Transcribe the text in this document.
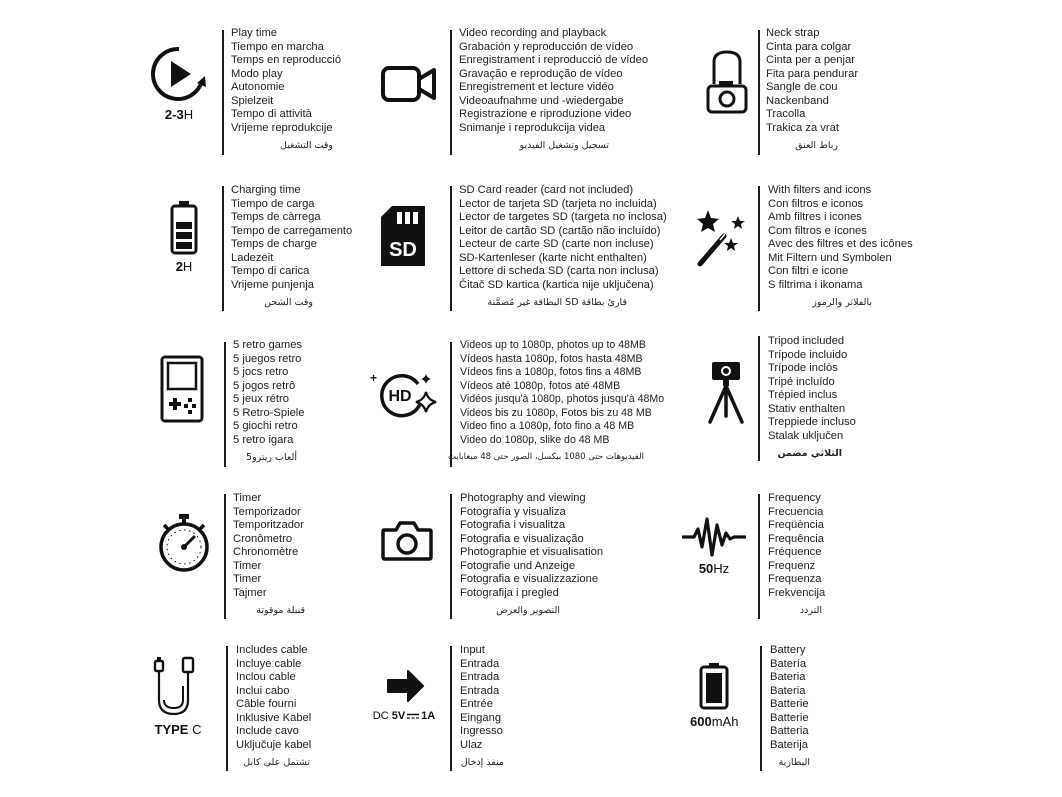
2-3H
Play time
Tiempo en marcha
Temps en reproducció
Modo play
Autonomie
Spielzeit
Tempo di attività
Vrijeme reprodukcije
وقت التشغيل
Video recording and playback
Grabación y reproducción de vídeo
Enregistrament i reproducció de vídeo
Gravação e reprodução de vídeo
Enregistrement et lecture vidéo
Videoaufnahme und -wiedergabe
Registrazione e riproduzione video
Snimanje i reprodukcija videa
تسجيل وتشغيل الفيديو
Neck strap
Cinta para colgar
Cinta per a penjar
Fita para pendurar
Sangle de cou
Nackenband
Tracolla
Trakica za vrat
رباط العنق
2H
Charging time
Tiempo de carga
Temps de càrrega
Tempo de carregamento
Temps de charge
Ladezeit
Tempo di carica
Vrijeme punjenja
وقت الشحن
SD
SD Card reader (card not included)
Lector de tarjeta SD (tarjeta no incluida)
Lector de targetes SD (targeta no inclosa)
Leitor de cartão SD (cartão não incluído)
Lecteur de carte SD (carte non incluse)
SD-Kartenleser (karte nicht enthalten)
Lettore di scheda SD (carta non inclusa)
Čitač SD kartica (kartica nije uključena)
قارئ بطاقة SD البطاقة غير مُضمَّنة
With filters and icons
Con filtros e iconos
Amb filtres i icones
Com filtros e ícones
Avec des filtres et des icônes
Mit Filtern und Symbolen
Con filtri e icone
S filtrima i ikonama
بالفلاتر والرموز
5 retro games
5 juegos retro
5 jocs retro
5 jogos retrô
5 jeux rétro
5 Retro-Spiele
5 giochi retro
5 retro igara
ألعاب ريترو5
+
HD
Videos up to 1080p, photos up to 48MB
Vídeos hasta 1080p, fotos hasta 48MB
Vídeos fins a 1080p, fotos fins a 48MB
Vídeos até 1080p, fotos até 48MB
Vidéos jusqu'à 1080p, photos jusqu'à 48Mo
Videos bis zu 1080p, Fotos bis zu 48 MB
Video fino a 1080p, foto fino a 48 MB
Video do 1080p, slike do 48 MB
الفيديوهات حتى 1080 بيكسل، الصور حتى 48 ميغابايت
Tripod included
Trípode incluido
Trípode inclòs
Tripé incluído
Trépied inclus
Stativ enthalten
Treppiede incluso
Stalak uključen
الثلاثي مضمن
Timer
Temporizador
Temporitzador
Cronômetro
Chronomètre
Timer
Timer
Tajmer
قنبلة موقوتة
Photography and viewing
Fotografía y visualiza
Fotografia i visualitza
Fotografia e visualização
Photographie et visualisation
Fotografie und Anzeige
Fotografia e visualizzazione
Fotografija i pregled
التصوير والعرض
50Hz
Frequency
Frecuencia
Freqüència
Frequência
Fréquence
Frequenz
Frequenza
Frekvencija
التردد
TYPE C
Includes cable
Incluye cable
Inclou cable
Inclui cabo
Câble fourni
Inklusive Kabel
Include cavo
Uključuje kabel
تشتمل على كابل
DC 5V 1A
Input
Entrada
Entrada
Entrada
Entrée
Eingang
Ingresso
Ulaz
منفذ إدخال
600mAh
Battery
Batería
Bateria
Bateria
Batterie
Batterie
Batteria
Baterija
البطارية
